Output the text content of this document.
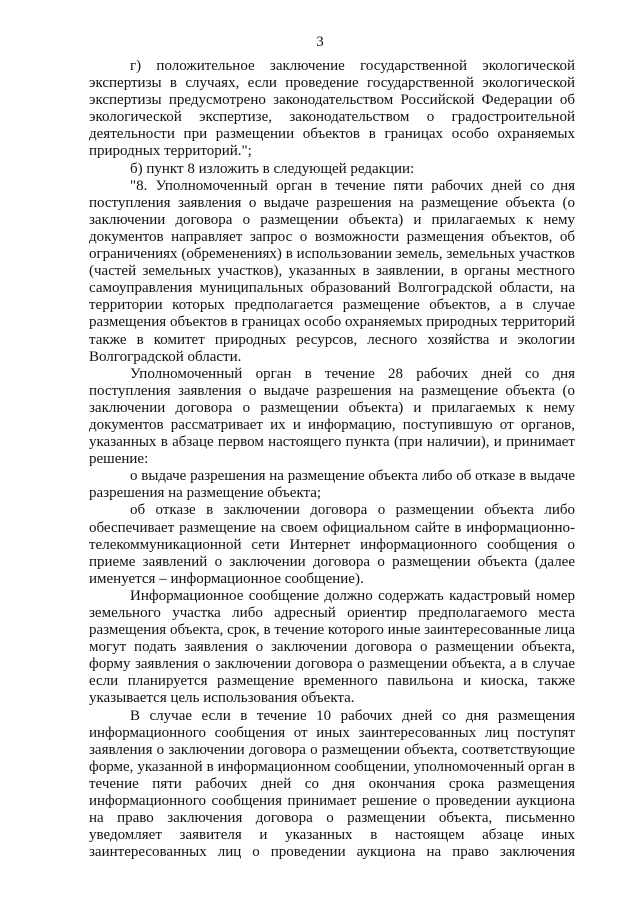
3

г) положительное заключение государственной экологической экспертизы в случаях, если проведение государственной экологической экспертизы предусмотрено законодательством Российской Федерации об экологической экспертизе, законодательством о градостроительной деятельности при размещении объектов в границах особо охраняемых природных территорий.";

б) пункт 8 изложить в следующей редакции:

"8. Уполномоченный орган в течение пяти рабочих дней со дня поступления заявления о выдаче разрешения на размещение объекта (о заключении договора о размещении объекта) и прилагаемых к нему документов направляет запрос о возможности размещения объектов, об ограничениях (обременениях) в использовании земель, земельных участков (частей земельных участков), указанных в заявлении, в органы местного самоуправления муниципальных образований Волгоградской области, на территории которых предполагается размещение объектов, а в случае размещения объектов в границах особо охраняемых природных территорий также в комитет природных ресурсов, лесного хозяйства и экологии Волгоградской области.

Уполномоченный орган в течение 28 рабочих дней со дня поступления заявления о выдаче разрешения на размещение объекта (о заключении договора о размещении объекта) и прилагаемых к нему документов рассматривает их и информацию, поступившую от органов, указанных в абзаце первом настоящего пункта (при наличии), и принимает решение:

о выдаче разрешения на размещение объекта либо об отказе в выдаче разрешения на размещение объекта;

об отказе в заключении договора о размещении объекта либо обеспечивает размещение на своем официальном сайте в информационно-телекоммуникационной сети Интернет информационного сообщения о приеме заявлений о заключении договора о размещении объекта (далее именуется – информационное сообщение).

Информационное сообщение должно содержать кадастровый номер земельного участка либо адресный ориентир предполагаемого места размещения объекта, срок, в течение которого иные заинтересованные лица могут подать заявления о заключении договора о размещении объекта, форму заявления о заключении договора о размещении объекта, а в случае если планируется размещение временного павильона и киоска, также указывается цель использования объекта.

В случае если в течение 10 рабочих дней со дня размещения информационного сообщения от иных заинтересованных лиц поступят заявления о заключении договора о размещении объекта, соответствующие форме, указанной в информационном сообщении, уполномоченный орган в течение пяти рабочих дней со дня окончания срока размещения информационного сообщения принимает решение о проведении аукциона на право заключения договора о размещении объекта, письменно уведомляет заявителя и указанных в настоящем абзаце иных заинтересованных лиц о проведении аукциона на право заключения
